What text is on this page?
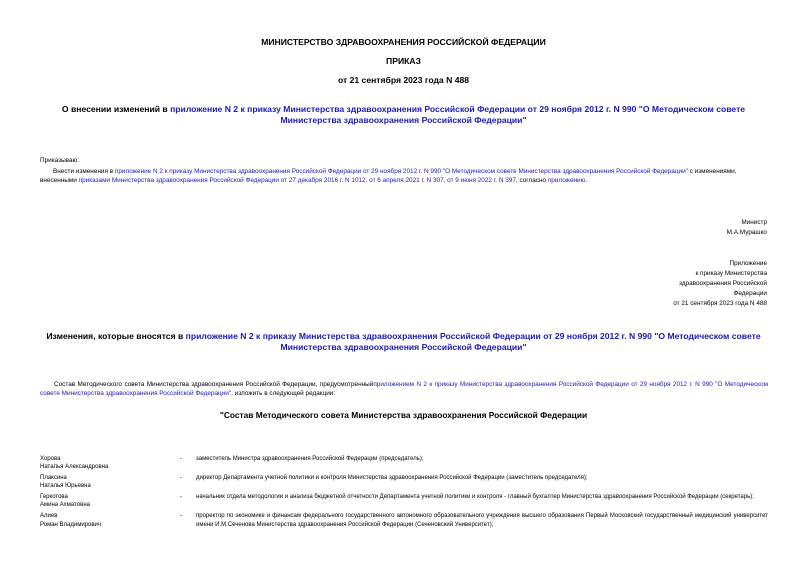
МИНИСТЕРСТВО ЗДРАВООХРАНЕНИЯ РОССИЙСКОЙ ФЕДЕРАЦИИ
ПРИКАЗ
от 21 сентября 2023 года N 488
О внесении изменений в приложение N 2 к приказу Министерства здравоохранения Российской Федерации от 29 ноября 2012 г. N 990 "О Методическом совете Министерства здравоохранения Российской Федерации"
Приказываю:
Внести изменения в приложение N 2 к приказу Министерства здравоохранения Российской Федерации от 29 ноября 2012 г. N 990 "О Методическом совете Министерства здравоохранения Российской Федерации" с изменениями, внесенными приказами Министерства здравоохранения Российской Федерации от 27 декабря 2016 г. N 1012, от 6 апреля 2021 г. N 307, от 9 июня 2022 г. N 397, согласно приложению.
Министр
М.А.Мурашко
Приложение
к приказу Министерства
здравоохранения Российской
Федерации
от 21 сентября 2023 года N 488
Изменения, которые вносятся в приложение N 2 к приказу Министерства здравоохранения Российской Федерации от 29 ноября 2012 г. N 990 "О Методическом совете Министерства здравоохранения Российской Федерации"
Состав Методического совета Министерства здравоохранения Российской Федерации, предусмотренныйприложением N 2 к приказу Министерства здравоохранения Российской Федерации от 29 ноября 2012 г. N 990 "О Методическом совете Министерства здравоохранения Российской Федерации", изложить в следующей редакции:
"Состав Методического совета Министерства здравоохранения Российской Федерации
Хорова
Наталья Александровна	-	заместитель Министра здравоохранения Российской Федерации (председатель);

Плаксина
Наталья Юрьевна	-	директор Департамента учетной политики и контроля Министерства здравоохранения Российской Федерации (заместитель председателя);

Геркотова
Амина Ахматовна	-	начальник отдела методологии и анализа бюджетной отчетности Департамента учетной политики и контроля - главный бухгалтер Министерства здравоохранения Российской Федерации (секретарь);

Алиев
Роман Владимирович	-	проректор по экономике и финансам федерального государственного автономного образовательного учреждения высшего образования Первый Московский государственный медицинский университет имени И.М.Сеченова Министерства здравоохранения Российской Федерации (Сеченовский Университет);
